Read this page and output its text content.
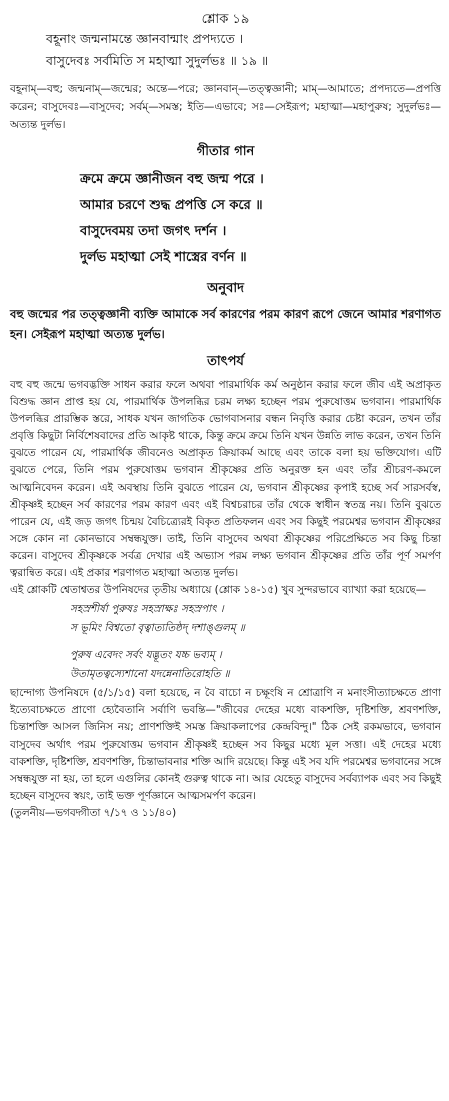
শ্লোক ১৯
বহূনাং জন্মনামন্তে জ্ঞানবান্মাং প্রপদ্যতে ।
বাসুদেবঃ সর্বমিতি স মহাত্মা সুদুর্লভঃ ॥ ১৯ ॥
বহূনাম্—বহু; জন্মনাম্—জন্মের; অন্তে—পরে; জ্ঞানবান্—তত্ত্বজ্ঞানী; মাম্—আমাতে; প্রপদ্যতে—প্রপত্তি করেন; বাসুদেবঃ—বাসুদেব; সর্বম্—সমস্ত; ইতি—এভাবে; সঃ—সেইরূপ; মহাত্মা—মহাপুরুষ; সুদুর্লভঃ—অত্যন্ত দুর্লভ।
গীতার গান
ক্রমে ক্রমে জ্ঞানীজন বহু জন্ম পরে ।
আমার চরণে শুদ্ধ প্রপত্তি সে করে ॥
বাসুদেবময় তদা জগৎ দর্শন ।
দুর্লভ মহাত্মা সেই শাস্ত্রের বর্ণন ॥
অনুবাদ
বহু জন্মের পর তত্ত্বজ্ঞানী ব্যক্তি আমাকে সর্ব কারণের পরম কারণ রূপে জেনে আমার শরণাগত হন। সেইরূপ মহাত্মা অত্যন্ত দুর্লভ।
তাৎপর্য

বহু বহু জন্মে ভগবদ্ভক্তি সাধন করার ফলে অথবা পারমার্থিক কর্ম অনুষ্ঠান করার ফলে জীব এই অপ্রাকৃত বিশুদ্ধ জ্ঞান প্রাপ্ত হয় যে, পারমার্থিক উপলব্ধির চরম লক্ষ্য হচ্ছেন পরম পুরুষোত্তম ভগবান। পারমার্থিক উপলব্ধির প্রারম্ভিক স্তরে, সাধক যখন জাগতিক ভোগবাসনার বন্ধন নিবৃত্তি করার চেষ্টা করেন, তখন তাঁর প্রবৃত্তি কিছুটা নির্বিশেষবাদের প্রতি আকৃষ্ট থাকে, কিন্তু ক্রমে ক্রমে তিনি যখন উন্নতি লাভ করেন, তখন তিনি বুঝতে পারেন যে, পারমার্থিক জীবনেও অপ্রাকৃত ক্রিয়াকর্ম আছে এবং তাকে বলা হয় ভক্তিযোগ। এটি বুঝতে পেরে, তিনি পরম পুরুষোত্তম ভগবান শ্রীকৃষ্ণের প্রতি অনুরক্ত হন এবং তাঁর শ্রীচরণ-কমলে আত্মনিবেদন করেন। এই অবস্থায় তিনি বুঝতে পারেন যে, ভগবান শ্রীকৃষ্ণের কৃপাই হচ্ছে সর্ব সারসর্বস্ব, শ্রীকৃষ্ণই হচ্ছেন সর্ব কারণের পরম কারণ এবং এই বিশ্বচরাচর তাঁর থেকে স্বাধীন স্বতন্ত্র নয়। তিনি বুঝতে পারেন যে, এই জড় জগৎ চিন্ময় বৈচিত্র্যেরই বিকৃত প্রতিফলন এবং সব কিছুই পরমেশ্বর ভগবান শ্রীকৃষ্ণের সঙ্গে কোন না কোনভাবে সম্বন্ধযুক্ত। তাই, তিনি বাসুদেব অথবা শ্রীকৃষ্ণের পরিপ্রেক্ষিতে সব কিছু চিন্তা করেন। বাসুদেব শ্রীকৃষ্ণকে সর্বত্র দেখার এই অভ্যাস পরম লক্ষ্য ভগবান শ্রীকৃষ্ণের প্রতি তাঁর পূর্ণ সমর্পণ ত্বরান্বিত করে। এই প্রকার শরণাগত মহাত্মা অত্যন্ত দুর্লভ।

এই শ্লোকটি শ্বেতাশ্বতর উপনিষদের তৃতীয় অধ্যায়ে (শ্লোক ১৪-১৫) খুব সুন্দরভাবে ব্যাখ্যা করা হয়েছে—

সহস্রশীর্ষা পুরুষঃ সহস্রাক্ষঃ সহস্রপাৎ ।
স ভূমিং বিশ্বতো বৃত্বাত্যতিষ্ঠদ্ দশাঙ্গুলম্ ॥
পুরুষ এবেদং সর্বং যদ্ভূতং যচ্চ ভব্যম্ ।
উতামৃতত্বস্যেশানো যদন্নেনাতিরোহতি ॥

ছান্দোগ্য উপনিষদে (৫/১/১৫) বলা হয়েছে, ন বৈ বাচো ন চক্ষূংষি ন শ্রোত্রাণি ন মনাংসীত্যাচক্ষতে প্রাণা ইত্যেবাচক্ষতে প্রাণো হ্যেবৈতানি সর্বাণি ভবন্তি—"জীবের দেহের মধ্যে বাকশক্তি, দৃষ্টিশক্তি, শ্রবণশক্তি, চিন্তাশক্তি আসল জিনিস নয়; প্রাণশক্তিই সমস্ত ক্রিয়াকলাপের কেন্দ্রবিন্দু।" ঠিক সেই রকমভাবে, ভগবান বাসুদেব অর্থাৎ পরম পুরুষোত্তম ভগবান শ্রীকৃষ্ণই হচ্ছেন সব কিছুর মধ্যে মূল সত্তা। এই দেহের মধ্যে বাকশক্তি, দৃষ্টিশক্তি, শ্রবণশক্তি, চিন্তাভাবনার শক্তি আদি রয়েছে। কিন্তু এই সব যদি পরমেশ্বর ভগবানের সঙ্গে সম্বন্ধযুক্ত না হয়, তা হলে এগুলির কোনই গুরুত্ব থাকে না। আর যেহেতু বাসুদেব সর্বব্যাপক এবং সব কিছুই হচ্ছেন বাসুদেব স্বয়ং, তাই ভক্ত পূর্ণজ্ঞানে আত্মসমর্পণ করেন।

(তুলনীয়—ভগবদ্গীতা ৭/১৭ ও ১১/৪০)
